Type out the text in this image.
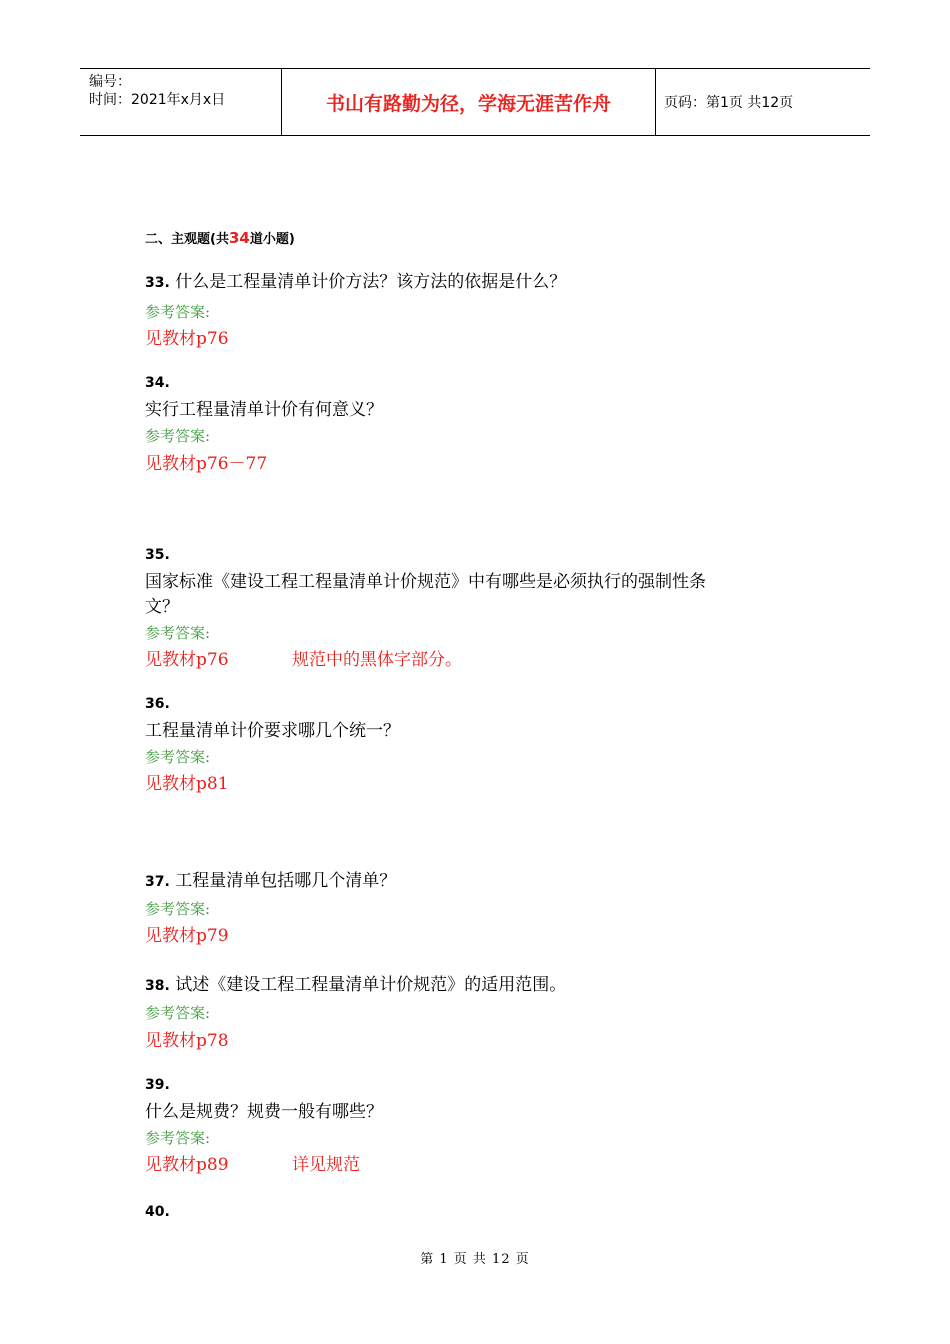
编号：
时间：2021年x月x日	书山有路勤为径，学海无涯苦作舟	页码：第1页 共12页
二、主观题(共34道小题)
33. 什么是工程量清单计价方法？该方法的依据是什么？
参考答案:
见教材p76
34.
实行工程量清单计价有何意义？
参考答案:
见教材p76－77
35.
国家标准《建设工程工程量清单计价规范》中有哪些是必须执行的强制性条
文？
参考答案:
见教材p76	规范中的黑体字部分。
36.
工程量清单计价要求哪几个统一？
参考答案:
见教材p81
37. 工程量清单包括哪几个清单？
参考答案:
见教材p79
38. 试述《建设工程工程量清单计价规范》的适用范围。
参考答案:
见教材p78
39.
什么是规费？规费一般有哪些？
参考答案:
见教材p89	详见规范
40.
第 1 页 共 12 页
